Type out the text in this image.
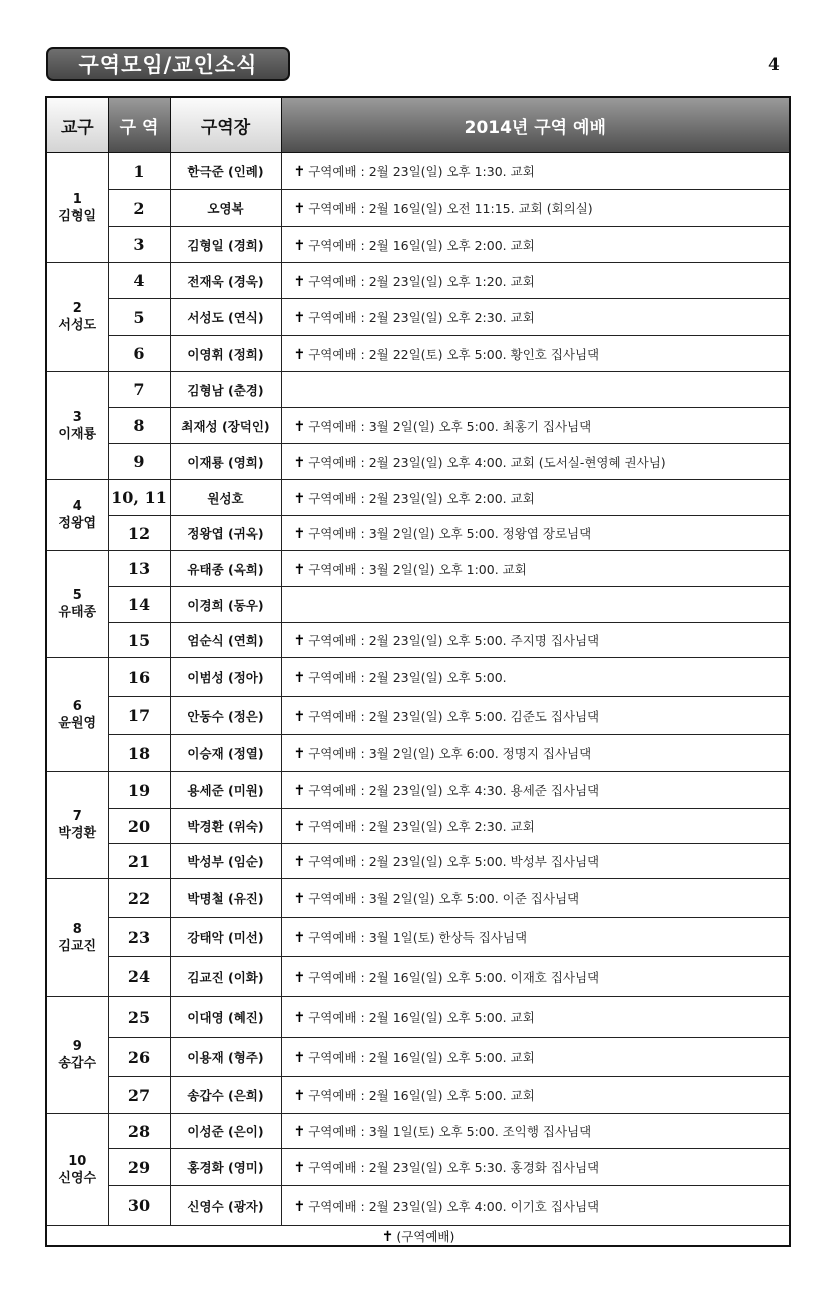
구역모임/교인소식	4
교구	구 역	구역장	2014년 구역 예배

1
김형일	1	한극준 (인례)	✝ 구역예배 : 2월 23일(일) 오후 1:30. 교회
	2	오영복	✝ 구역예배 : 2월 16일(일) 오전 11:15. 교회 (회의실)
	3	김형일 (경희)	✝ 구역예배 : 2월 16일(일) 오후 2:00. 교회

2
서성도	4	전재욱 (경욱)	✝ 구역예배 : 2월 23일(일) 오후 1:20. 교회
	5	서성도 (연식)	✝ 구역예배 : 2월 23일(일) 오후 2:30. 교회
	6	이영휘 (정희)	✝ 구역예배 : 2월 22일(토) 오후 5:00. 황인호 집사님댁

3
이재룡	7	김형남 (춘경)	
	8	최재성 (장덕인)	✝ 구역예배 : 3월 2일(일) 오후 5:00. 최홍기 집사님댁
	9	이재룡 (영희)	✝ 구역예배 : 2월 23일(일) 오후 4:00. 교회 (도서실-현영혜 권사님)

4
정왕엽	10, 11	원성호	✝ 구역예배 : 2월 23일(일) 오후 2:00. 교회
	12	정왕엽 (귀옥)	✝ 구역예배 : 3월 2일(일) 오후 5:00. 정왕엽 장로님댁

5
유태종	13	유태종 (옥희)	✝ 구역예배 : 3월 2일(일) 오후 1:00. 교회
	14	이경희 (동우)	
	15	엄순식 (연희)	✝ 구역예배 : 2월 23일(일) 오후 5:00. 주지명 집사님댁

6
윤원영	16	이범성 (정아)	✝ 구역예배 : 2월 23일(일) 오후 5:00.
	17	안동수 (정은)	✝ 구역예배 : 2월 23일(일) 오후 5:00. 김준도 집사님댁
	18	이승재 (정열)	✝ 구역예배 : 3월 2일(일) 오후 6:00. 정명지 집사님댁

7
박경환	19	용세준 (미원)	✝ 구역예배 : 2월 23일(일) 오후 4:30. 용세준 집사님댁
	20	박경환 (위숙)	✝ 구역예배 : 2월 23일(일) 오후 2:30. 교회
	21	박성부 (임순)	✝ 구역예배 : 2월 23일(일) 오후 5:00. 박성부 집사님댁

8
김교진	22	박명철 (유진)	✝ 구역예배 : 3월 2일(일) 오후 5:00. 이준 집사님댁
	23	강태악 (미선)	✝ 구역예배 : 3월 1일(토) 한상득 집사님댁
	24	김교진 (이화)	✝ 구역예배 : 2월 16일(일) 오후 5:00. 이재호 집사님댁

9
송갑수	25	이대영 (혜진)	✝ 구역예배 : 2월 16일(일) 오후 5:00. 교회
	26	이용재 (형주)	✝ 구역예배 : 2월 16일(일) 오후 5:00. 교회
	27	송갑수 (은희)	✝ 구역예배 : 2월 16일(일) 오후 5:00. 교회

10
신영수	28	이성준 (은이)	✝ 구역예배 : 3월 1일(토) 오후 5:00. 조익행 집사님댁
	29	홍경화 (영미)	✝ 구역예배 : 2월 23일(일) 오후 5:30. 홍경화 집사님댁
	30	신영수 (광자)	✝ 구역예배 : 2월 23일(일) 오후 4:00. 이기호 집사님댁
✝ (구역예배)			
